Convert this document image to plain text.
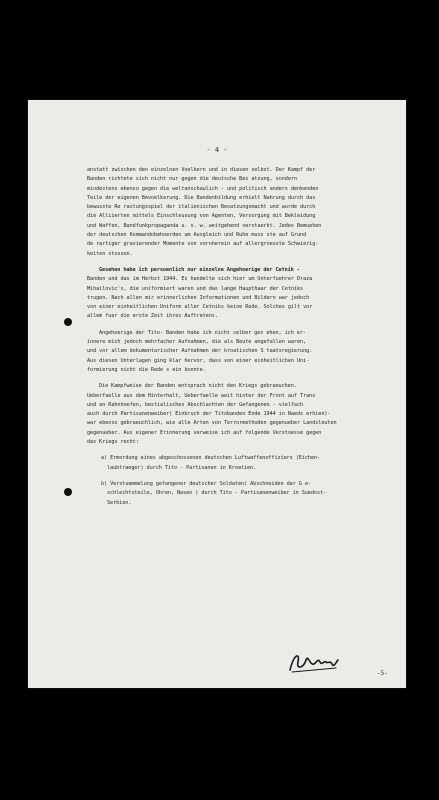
- 4 -
anstatt zwischen den einzelnen Voelkern und in diesen selbst. Der Kampf der
Banden richtete sich nicht nur gegen die deutsche Bes atzung, sondern
mindestens ebenso gegen die weltanschaulich - und politisch anders denkenden
Teile der eigenen Bevoelkerung. Die Bandenbildung erhielt Nahrung durch das
bewusste Re rastungsspiel der italienischen Besatzungsmacht und wurde durch
die Alliierten mittels Einschleusung von Agenten, Versorgung mit Bekleidung
und Waffen, Bandfunkpropaganda u. s. w. weitgehend verstaerkt. Jedes Bemuehen
der deutschen Kommandobehoerden um Ausgleich und Ruhe muss ste auf Grund
de rartiger gravierender Momente von vornherein auf allergroesste Schwierig-
keiten stossen.
Gesehen habe ich persoenlich nur einzelne Angehoerige der Cetnik -
Banden und das im Herbst 1944. Es handelte sich hier um Unterfuehrer Draza
Mihailovic's, die uniformiert waren und das lange Haupthaar der Cetniks
trugen. Nach allen mir erinnerlichen Informationen und Bildern war jedoch
von einer einheitlichen Uniform aller Cetniks keine Rede. Solches gilt vor
allem fuer die erste Zeit ihres Auftretens.
Angehoerige der Tito- Banden habe ich nicht selber ges ehen, ich er-
innere mich jedoch mehrfacher Aufnahmen, die als Beute angefallen waren,
und vor allem dokumentarischer Aufnahmen der kroatischen S taatsregierung.
Aus diesen Unterlagen ging klar hervor, dass von einer einheitlichen Uni-
formierung nicht die Rede s ein konnte.
Die Kampfweise der Banden entsprach nicht den Kriegs gebraeuchen.
Ueberfaelle aus dem Hinterhalt, Ueberfaelle weit hinter der Front auf Trans
und an Rahnhoefen, bestialisches Abschlachten der Gefangenen - vielfach
auch durch Partisanenweiber( Einbruch der Titobanden Ende 1944 in Naeds erhien)-
war ebenso gebraeuchlich, wie alle Arten von Terrormethoden gegenueber Landsleuten
gegenueber. Aus eigener Erinnerung verweise ich auf folgende Verstoesse gegen
das Kriegs recht:
a) Ermordung eines abgeschossenen deutschen Luftwaffenoffiziers (Eichen-
laubtraeger) durch Tito - Partisanen in Kroatien.
b) Verstuemmelung gefangener deutscher Soldaten( Abschneiden der G e-
schlechtsteile, Ohren, Nasen ) durch Tito - Partisanenweiber in Suedost-
Serbien.
-5-
